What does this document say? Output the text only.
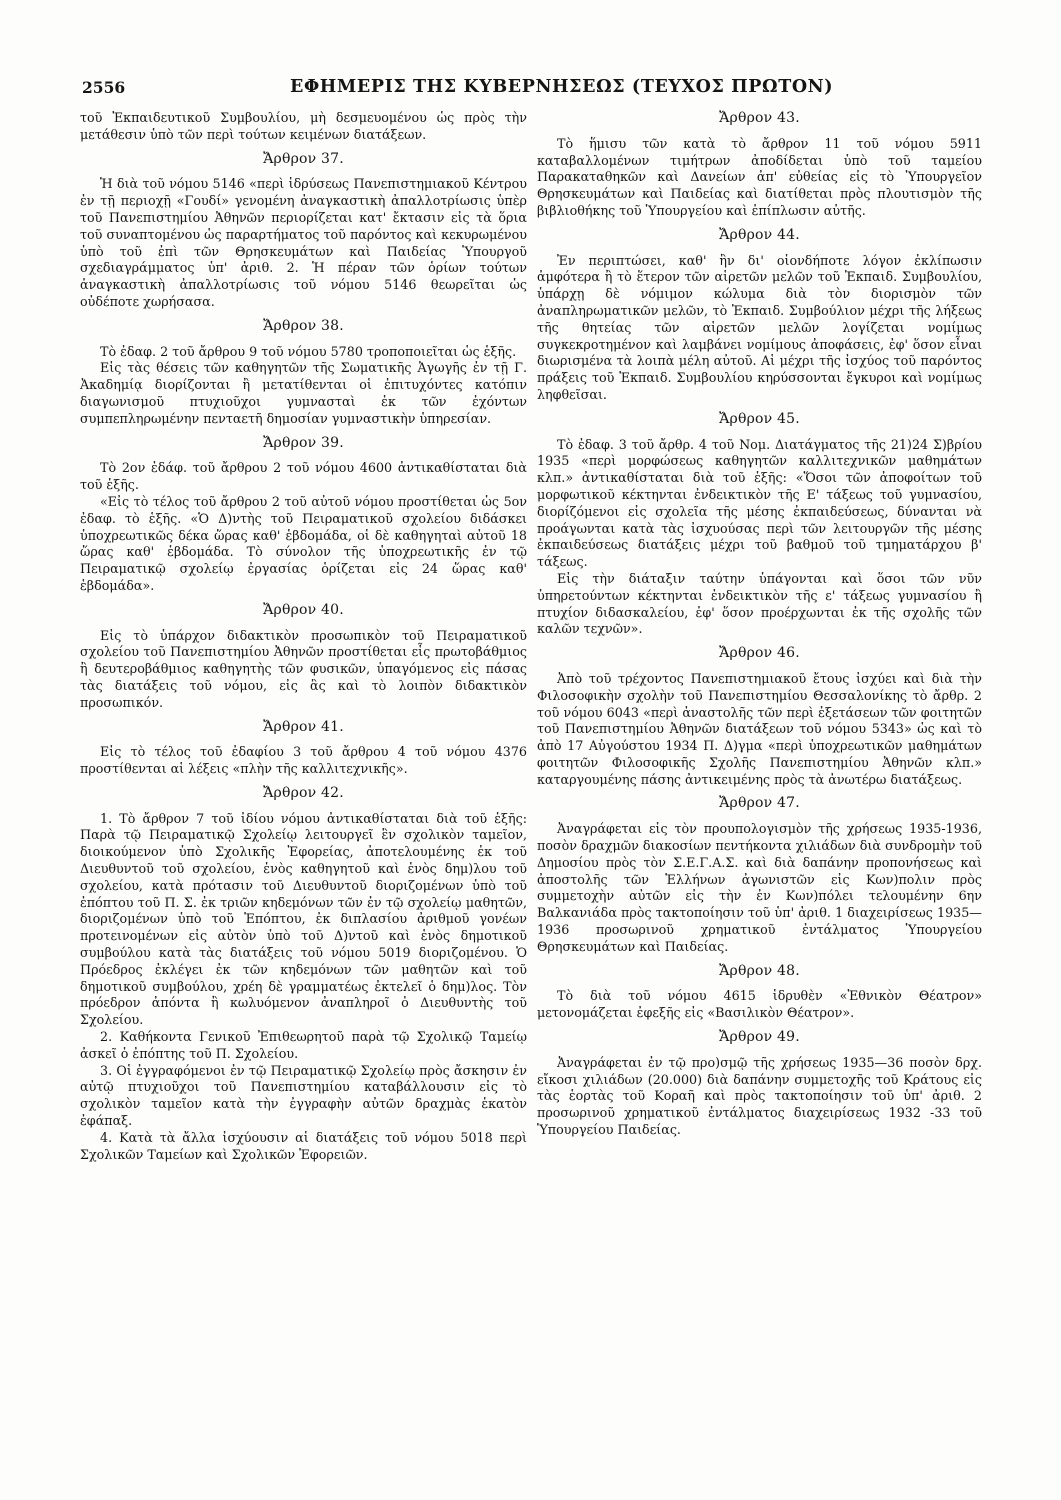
2556	ΕΦΗΜΕΡΙΣ ΤΗΣ ΚΥΒΕΡΝΗΣΕΩΣ (ΤΕΥΧΟΣ ΠΡΩΤΟΝ)

τοῦ Ἐκπαιδευτικοῦ Συμβουλίου, μὴ δεσμευομένου ὡς πρὸς τὴν μετάθεσιν ὑπὸ τῶν περὶ τούτων κειμένων διατάξεων.

Ἄρθρον 37.

Ἡ διὰ τοῦ νόμου 5146 «περὶ ἱδρύσεως Πανεπιστημιακοῦ Κέντρου ἐν τῇ περιοχῇ «Γουδί» γενομένη ἀναγκαστικὴ ἀπαλλοτρίωσις ὑπὲρ τοῦ Πανεπιστημίου Ἀθηνῶν περιορίζεται κατ' ἔκτασιν εἰς τὰ ὅρια τοῦ συναπτομένου ὡς παραρτήματος τοῦ παρόντος καὶ κεκυρωμένου ὑπὸ τοῦ ἐπὶ τῶν Θρησκευμάτων καὶ Παιδείας Ὑπουργοῦ σχεδιαγράμματος ὑπ' ἀριθ. 2. Ἡ πέραν τῶν ὁρίων τούτων ἀναγκαστικὴ ἀπαλλοτρίωσις τοῦ νόμου 5146 θεωρεῖται ὡς οὐδέποτε χωρήσασα.

Ἄρθρον 38.

Τὸ ἐδαφ. 2 τοῦ ἄρθρου 9 τοῦ νόμου 5780 τροποποιεῖται ὡς ἑξῆς.

Εἰς τὰς θέσεις τῶν καθηγητῶν τῆς Σωματικῆς Ἀγωγῆς ἐν τῇ Γ. Ἀκαδημίᾳ διορίζονται ἢ μετατίθενται οἱ ἐπιτυχόντες κατόπιν διαγωνισμοῦ πτυχιοῦχοι γυμνασταὶ ἐκ τῶν ἐχόντων συμπεπληρωμένην πενταετῆ δημοσίαν γυμναστικὴν ὑπηρεσίαν.

Ἄρθρον 39.

Τὸ 2ον ἐδάφ. τοῦ ἄρθρου 2 τοῦ νόμου 4600 ἀντικαθίσταται διὰ τοῦ ἑξῆς.

«Εἰς τὸ τέλος τοῦ ἄρθρου 2 τοῦ αὐτοῦ νόμου προστίθεται ὡς 5ον ἐδαφ. τὸ ἑξῆς. «Ὁ Δ)ντὴς τοῦ Πειραματικοῦ σχολείου διδάσκει ὑποχρεωτικῶς δέκα ὥρας καθ' ἑβδομάδα, οἱ δὲ καθηγηταὶ αὐτοῦ 18 ὥρας καθ' ἑβδομάδα. Τὸ σύνολον τῆς ὑποχρεωτικῆς ἐν τῷ Πειραματικῷ σχολείῳ ἐργασίας ὁρίζεται εἰς 24 ὥρας καθ' ἑβδομάδα».

Ἄρθρον 40.

Εἰς τὸ ὑπάρχον διδακτικὸν προσωπικὸν τοῦ Πειραματικοῦ σχολείου τοῦ Πανεπιστημίου Ἀθηνῶν προστίθεται εἷς πρωτοβάθμιος ἢ δευτεροβάθμιος καθηγητὴς τῶν φυσικῶν, ὑπαγόμενος εἰς πάσας τὰς διατάξεις τοῦ νόμου, εἰς ἃς καὶ τὸ λοιπὸν διδακτικὸν προσωπικόν.

Ἄρθρον 41.

Εἰς τὸ τέλος τοῦ ἐδαφίου 3 τοῦ ἄρθρου 4 τοῦ νόμου 4376 προστίθενται αἱ λέξεις «πλὴν τῆς καλλιτεχνικῆς».

Ἄρθρον 42.

1. Τὸ ἄρθρον 7 τοῦ ἰδίου νόμου ἀντικαθίσταται διὰ τοῦ ἑξῆς: Παρὰ τῷ Πειραματικῷ Σχολείῳ λειτουργεῖ ἓν σχολικὸν ταμεῖον, διοικούμενον ὑπὸ Σχολικῆς Ἐφορείας, ἀποτελουμένης ἐκ τοῦ Διευθυντοῦ τοῦ σχολείου, ἑνὸς καθηγητοῦ καὶ ἑνὸς δημ)λου τοῦ σχολείου, κατὰ πρότασιν τοῦ Διευθυντοῦ διοριζομένων ὑπὸ τοῦ ἐπόπτου τοῦ Π. Σ. ἐκ τριῶν κηδεμόνων τῶν ἐν τῷ σχολείῳ μαθητῶν, διοριζομένων ὑπὸ τοῦ Ἐπόπτου, ἐκ διπλασίου ἀριθμοῦ γονέων προτεινομένων εἰς αὐτὸν ὑπὸ τοῦ Δ)ντοῦ καὶ ἑνὸς δημοτικοῦ συμβούλου κατὰ τὰς διατάξεις τοῦ νόμου 5019 διοριζομένου. Ὁ Πρόεδρος ἐκλέγει ἐκ τῶν κηδεμόνων τῶν μαθητῶν καὶ τοῦ δημοτικοῦ συμβούλου, χρέη δὲ γραμματέως ἐκτελεῖ ὁ δημ)λος. Τὸν πρόεδρον ἀπόντα ἢ κωλυόμενον ἀναπληροῖ ὁ Διευθυντὴς τοῦ Σχολείου.

2. Καθήκοντα Γενικοῦ Ἐπιθεωρητοῦ παρὰ τῷ Σχολικῷ Ταμείῳ ἀσκεῖ ὁ ἐπόπτης τοῦ Π. Σχολείου.

3. Οἱ ἐγγραφόμενοι ἐν τῷ Πειραματικῷ Σχολείῳ πρὸς ἄσκησιν ἐν αὐτῷ πτυχιοῦχοι τοῦ Πανεπιστημίου καταβάλλουσιν εἰς τὸ σχολικὸν ταμεῖον κατὰ τὴν ἐγγραφὴν αὐτῶν δραχμὰς ἑκατὸν ἐφάπαξ.

4. Κατὰ τὰ ἄλλα ἰσχύουσιν αἱ διατάξεις τοῦ νόμου 5018 περὶ Σχολικῶν Ταμείων καὶ Σχολικῶν Ἐφορειῶν.

Ἄρθρον 43.

Τὸ ἥμισυ τῶν κατὰ τὸ ἄρθρον 11 τοῦ νόμου 5911 καταβαλλομένων τιμήτρων ἀποδίδεται ὑπὸ τοῦ ταμείου Παρακαταθηκῶν καὶ Δανείων ἀπ' εὐθείας εἰς τὸ Ὑπουργεῖον Θρησκευμάτων καὶ Παιδείας καὶ διατίθεται πρὸς πλουτισμὸν τῆς βιβλιοθήκης τοῦ Ὑπουργείου καὶ ἐπίπλωσιν αὐτῆς.

Ἄρθρον 44.

Ἐν περιπτώσει, καθ' ἣν δι' οἱονδήποτε λόγον ἐκλίπωσιν ἀμφότερα ἢ τὸ ἕτερον τῶν αἱρετῶν μελῶν τοῦ Ἐκπαιδ. Συμβουλίου, ὑπάρχῃ δὲ νόμιμον κώλυμα διὰ τὸν διορισμὸν τῶν ἀναπληρωματικῶν μελῶν, τὸ Ἐκπαιδ. Συμβούλιον μέχρι τῆς λήξεως τῆς θητείας τῶν αἱρετῶν μελῶν λογίζεται νομίμως συγκεκροτημένον καὶ λαμβάνει νομίμους ἀποφάσεις, ἐφ' ὅσον εἶναι διωρισμένα τὰ λοιπὰ μέλη αὐτοῦ. Αἱ μέχρι τῆς ἰσχύος τοῦ παρόντος πράξεις τοῦ Ἐκπαιδ. Συμβουλίου κηρύσσονται ἔγκυροι καὶ νομίμως ληφθεῖσαι.

Ἄρθρον 45.

Τὸ ἐδαφ. 3 τοῦ ἄρθρ. 4 τοῦ Νομ. Διατάγματος τῆς 21)24 Σ)βρίου 1935 «περὶ μορφώσεως καθηγητῶν καλλιτεχνικῶν μαθημάτων κλπ.» ἀντικαθίσταται διὰ τοῦ ἑξῆς: «Ὅσοι τῶν ἀποφοίτων τοῦ μορφωτικοῦ κέκτηνται ἐνδεικτικὸν τῆς Ε' τάξεως τοῦ γυμνασίου, διορίζόμενοι εἰς σχολεῖα τῆς μέσης ἐκπαιδεύσεως, δύνανται νὰ προάγωνται κατὰ τὰς ἰσχυούσας περὶ τῶν λειτουργῶν τῆς μέσης ἐκπαιδεύσεως διατάξεις μέχρι τοῦ βαθμοῦ τοῦ τμηματάρχου β' τάξεως.

Εἰς τὴν διάταξιν ταύτην ὑπάγονται καὶ ὅσοι τῶν νῦν ὑπηρετούντων κέκτηνται ἐνδεικτικὸν τῆς ε' τάξεως γυμνασίου ἢ πτυχίον διδασκαλείου, ἐφ' ὅσον προέρχωνται ἐκ τῆς σχολῆς τῶν καλῶν τεχνῶν».

Ἄρθρον 46.

Ἀπὸ τοῦ τρέχοντος Πανεπιστημιακοῦ ἔτους ἰσχύει καὶ διὰ τὴν Φιλοσοφικὴν σχολὴν τοῦ Πανεπιστημίου Θεσσαλονίκης τὸ ἄρθρ. 2 τοῦ νόμου 6043 «περὶ ἀναστολῆς τῶν περὶ ἐξετάσεων τῶν φοιτητῶν τοῦ Πανεπιστημίου Ἀθηνῶν διατάξεων τοῦ νόμου 5343» ὡς καὶ τὸ ἀπὸ 17 Αὐγούστου 1934 Π. Δ)γμα «περὶ ὑποχρεωτικῶν μαθημάτων φοιτητῶν Φιλοσοφικῆς Σχολῆς Πανεπιστημίου Ἀθηνῶν κλπ.» καταργουμένης πάσης ἀντικειμένης πρὸς τὰ ἀνωτέρω διατάξεως.

Ἄρθρον 47.

Ἀναγράφεται εἰς τὸν προυπολογισμὸν τῆς χρήσεως 1935-1936, ποσὸν δραχμῶν διακοσίων πεντήκοντα χιλιάδων διὰ συνδρομὴν τοῦ Δημοσίου πρὸς τὸν Σ.Ε.Γ.Α.Σ. καὶ διὰ δαπάνην προπονήσεως καὶ ἀποστολῆς τῶν Ἑλλήνων ἀγωνιστῶν εἰς Κων)πολιν πρὸς συμμετοχὴν αὐτῶν εἰς τὴν ἐν Κων)πόλει τελουμένην 6ην Βαλκανιάδα πρὸς τακτοποίησιν τοῦ ὑπ' ἀριθ. 1 διαχειρίσεως 1935—1936 προσωρινοῦ χρηματικοῦ ἐντάλματος Ὑπουργείου Θρησκευμάτων καὶ Παιδείας.

Ἄρθρον 48.

Τὸ διὰ τοῦ νόμου 4615 ἱδρυθὲν «Ἐθνικὸν Θέατρον» μετονομάζεται ἐφεξῆς εἰς «Βασιλικὸν Θέατρον».

Ἄρθρον 49.

Ἀναγράφεται ἐν τῷ προ)σμῷ τῆς χρήσεως 1935—36 ποσὸν δρχ. εἴκοσι χιλιάδων (20.000) διὰ δαπάνην συμμετοχῆς τοῦ Κράτους εἰς τὰς ἑορτὰς τοῦ Κοραῆ καὶ πρὸς τακτοποίησιν τοῦ ὑπ' ἀριθ. 2 προσωρινοῦ χρηματικοῦ ἐντάλματος διαχειρίσεως 1932 -33 τοῦ Ὑπουργείου Παιδείας.
